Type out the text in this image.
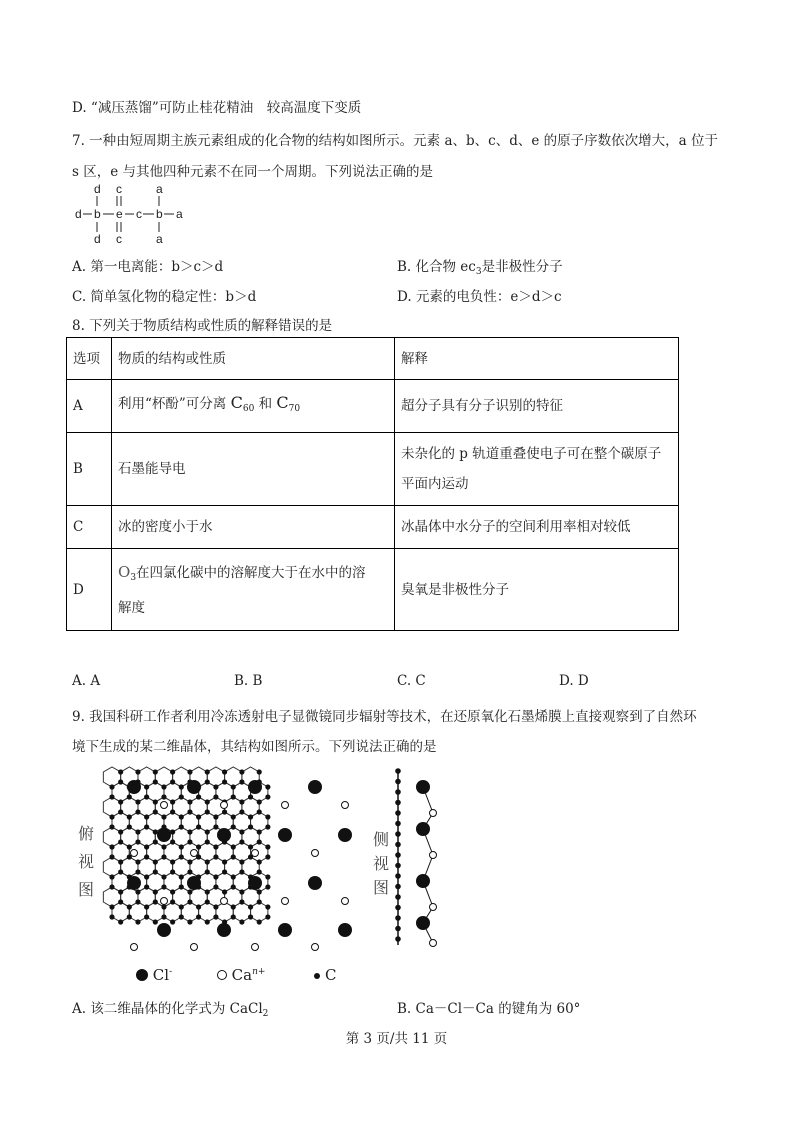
D. “减压蒸馏”可防止桂花精油　较高温度下变质
7. 一种由短周期主族元素组成的化合物的结构如图所示。元素 a、b、c、d、e 的原子序数依次增大，a 位于
s 区，e 与其他四种元素不在同一个周期。下列说法正确的是
d c	a
d b e c b a
d c	a
A. 第一电离能：b＞c＞d	B. 化合物 $ec_3$是非极性分子
C. 简单氢化物的稳定性：b＞d	D. 元素的电负性：e＞d＞c
8. 下列关于物质结构或性质的解释错误的是
选项	物质的结构或性质	解释
A	利用“杯酚”可分离 $C_{60}$ 和 $C_{70}$	超分子具有分子识别的特征
B	石墨能导电	未杂化的 p 轨道重叠使电子可在整个碳原子
平面内运动

C	冰的密度小于水	冰晶体中水分子的空间利用率相对较低
D	$O_3$在四氯化碳中的溶解度大于在水中的溶
解度	臭氧是非极性分子
A. A	B. B	C. C	D. D
9. 我国科研工作者利用冷冻透射电子显微镜同步辐射等技术，在还原氧化石墨烯膜上直接观察到了自然环
境下生成的某二维晶体，其结构如图所示。下列说法正确的是
俯
视
图
侧
视
图
Cl-	$Ca^{n+}$	C
A. 该二维晶体的化学式为 CaCl$_2$	B. Ca－Cl－Ca 的键角为 60°
第 3 页/共 11 页
